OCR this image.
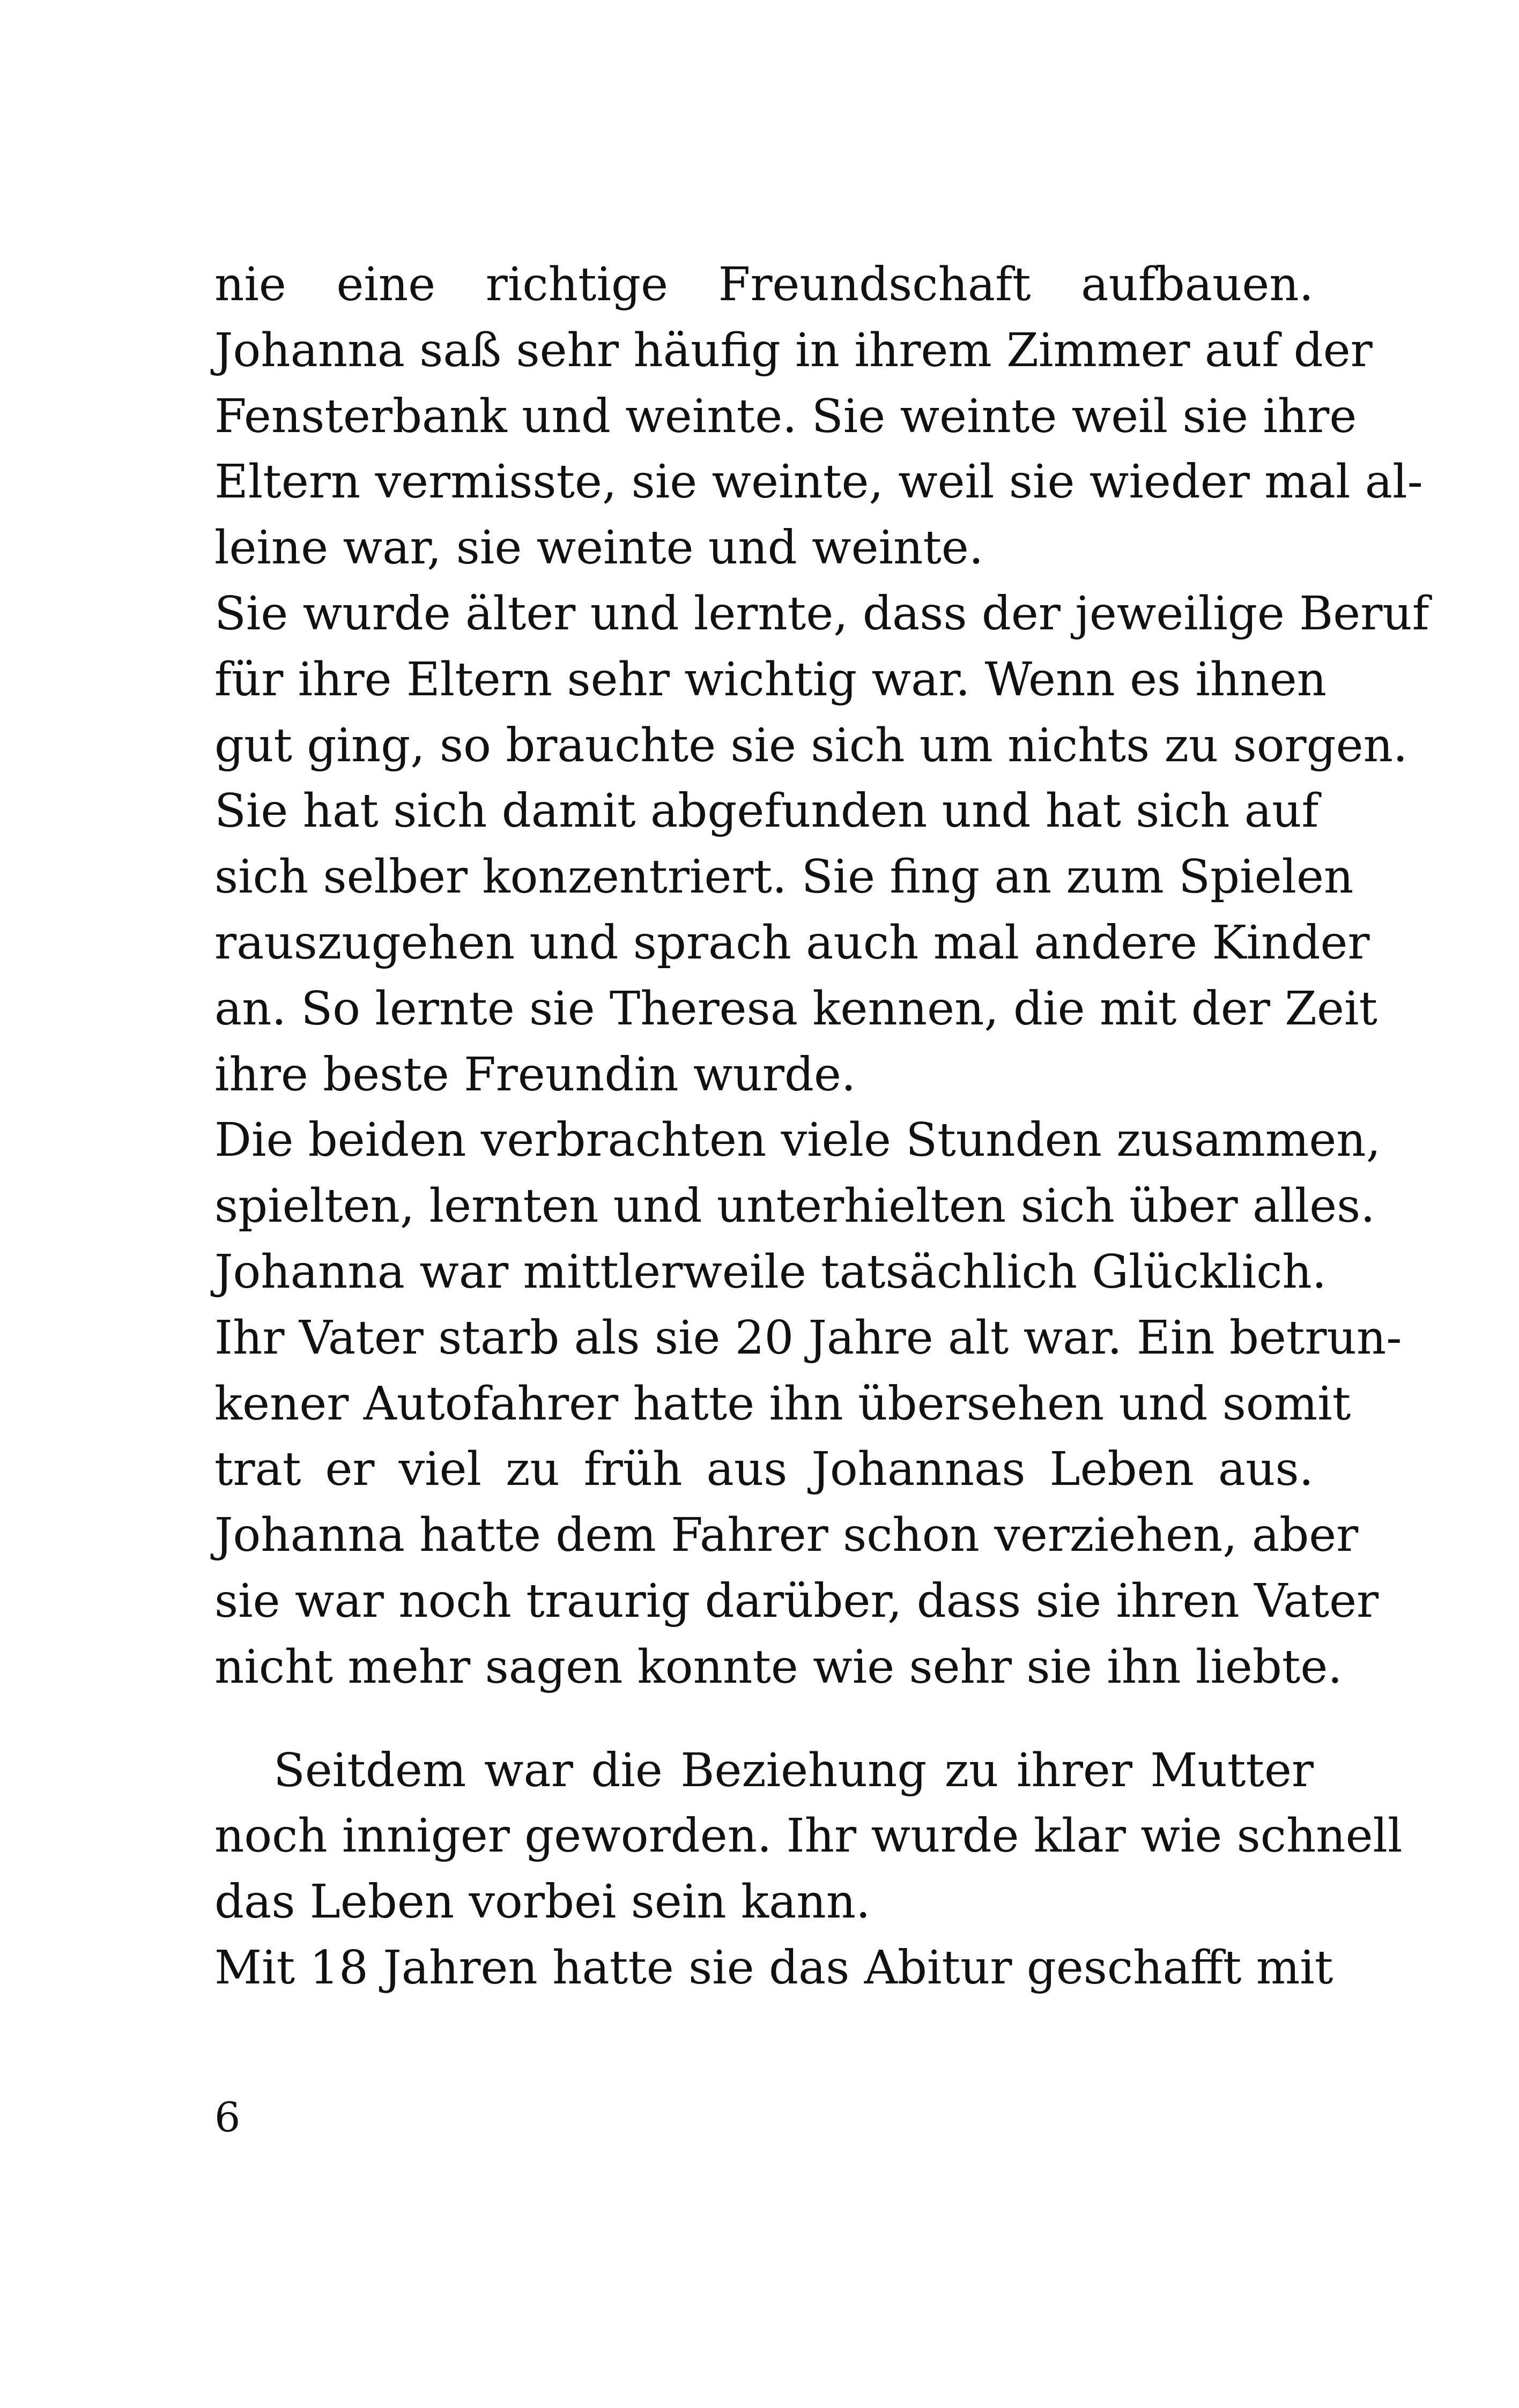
nie eine richtige Freundschaft aufbauen.
Johanna saß sehr häufig in ihrem Zimmer auf der
Fensterbank und weinte. Sie weinte weil sie ihre
Eltern vermisste, sie weinte, weil sie wieder mal al-
leine war, sie weinte und weinte.
Sie wurde älter und lernte, dass der jeweilige Beruf
für ihre Eltern sehr wichtig war. Wenn es ihnen
gut ging, so brauchte sie sich um nichts zu sorgen.
Sie hat sich damit abgefunden und hat sich auf
sich selber konzentriert. Sie fing an zum Spielen
rauszugehen und sprach auch mal andere Kinder
an. So lernte sie Theresa kennen, die mit der Zeit
ihre beste Freundin wurde.
Die beiden verbrachten viele Stunden zusammen,
spielten, lernten und unterhielten sich über alles.
Johanna war mittlerweile tatsächlich Glücklich.
Ihr Vater starb als sie 20 Jahre alt war. Ein betrun-
kener Autofahrer hatte ihn übersehen und somit
trat er viel zu früh aus Johannas Leben aus.
Johanna hatte dem Fahrer schon verziehen, aber
sie war noch traurig darüber, dass sie ihren Vater
nicht mehr sagen konnte wie sehr sie ihn liebte.
Seitdem war die Beziehung zu ihrer Mutter
noch inniger geworden. Ihr wurde klar wie schnell
das Leben vorbei sein kann.
Mit 18 Jahren hatte sie das Abitur geschafft mit
6
